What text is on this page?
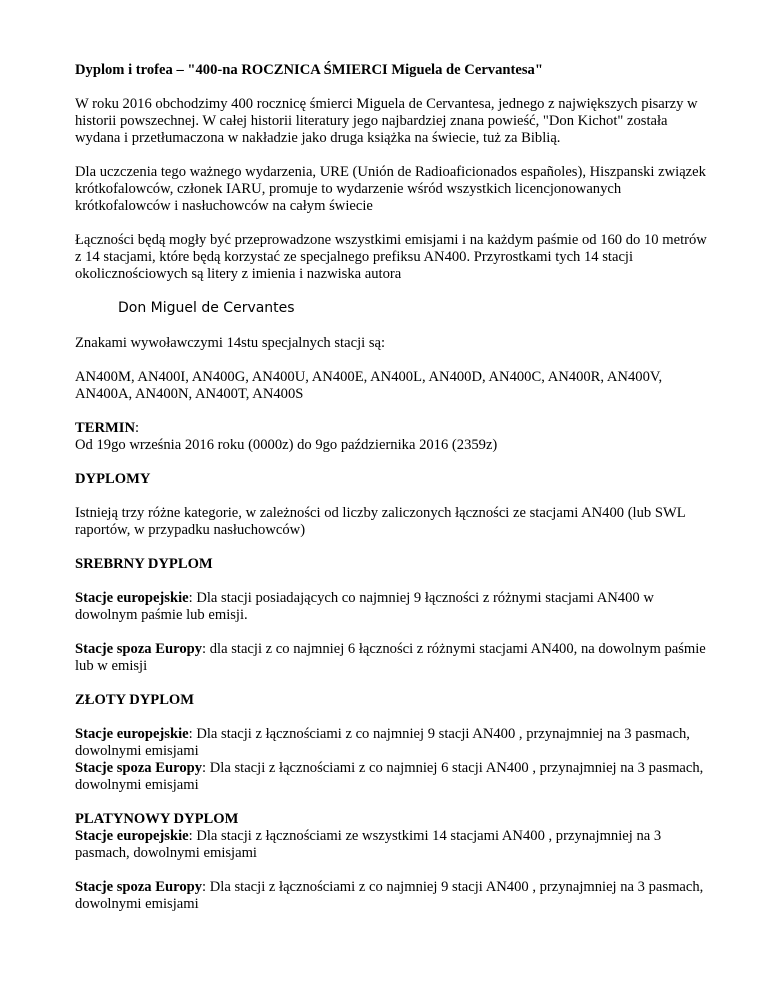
Dyplom i trofea – "400-na ROCZNICA ŚMIERCI Miguela de Cervantesa"

W roku 2016 obchodzimy 400 rocznicę śmierci Miguela de Cervantesa, jednego z największych pisarzy w historii powszechnej. W całej historii literatury jego najbardziej znana powieść, "Don Kichot" została wydana i przetłumaczona w nakładzie jako druga książka na świecie, tuż za Biblią.

Dla uczczenia tego ważnego wydarzenia, URE (Unión de Radioaficionados españoles), Hiszpanski związek krótkofalowców, członek IARU, promuje to wydarzenie wśród wszystkich licencjonowanych krótkofalowców i nasłuchowców na całym świecie

Łączności będą mogły być przeprowadzone wszystkimi emisjami i na każdym paśmie od 160 do 10 metrów z 14 stacjami, które będą korzystać ze specjalnego prefiksu AN400. Przyrostkami tych 14 stacji okolicznościowych są litery z imienia i nazwiska autora

Don Miguel de Cervantes

Znakami wywoławczymi 14stu specjalnych stacji są:

AN400M, AN400I, AN400G, AN400U, AN400E, AN400L, AN400D, AN400C, AN400R, AN400V, AN400A, AN400N, AN400T, AN400S

TERMIN:

Od 19go września 2016 roku (0000z) do 9go października 2016 (2359z)

DYPLOMY

Istnieją trzy różne kategorie, w zależności od liczby zaliczonych łączności ze stacjami AN400 (lub SWL raportów, w przypadku nasłuchowców)

SREBRNY DYPLOM

Stacje europejskie: Dla stacji posiadających co najmniej 9 łączności z różnymi stacjami AN400 w dowolnym paśmie lub emisji.

Stacje spoza Europy: dla stacji z co najmniej 6 łączności z różnymi stacjami AN400, na dowolnym paśmie lub w emisji

ZŁOTY DYPLOM

Stacje europejskie: Dla stacji z łącznościami z co najmniej 9 stacji AN400 , przynajmniej na 3 pasmach, dowolnymi emisjami

Stacje spoza Europy: Dla stacji z łącznościami z co najmniej 6 stacji AN400 , przynajmniej na 3 pasmach, dowolnymi emisjami

PLATYNOWY DYPLOM

Stacje europejskie: Dla stacji z łącznościami ze wszystkimi 14 stacjami AN400 , przynajmniej na 3 pasmach, dowolnymi emisjami

Stacje spoza Europy: Dla stacji z łącznościami z co najmniej 9 stacji AN400 , przynajmniej na 3 pasmach, dowolnymi emisjami
